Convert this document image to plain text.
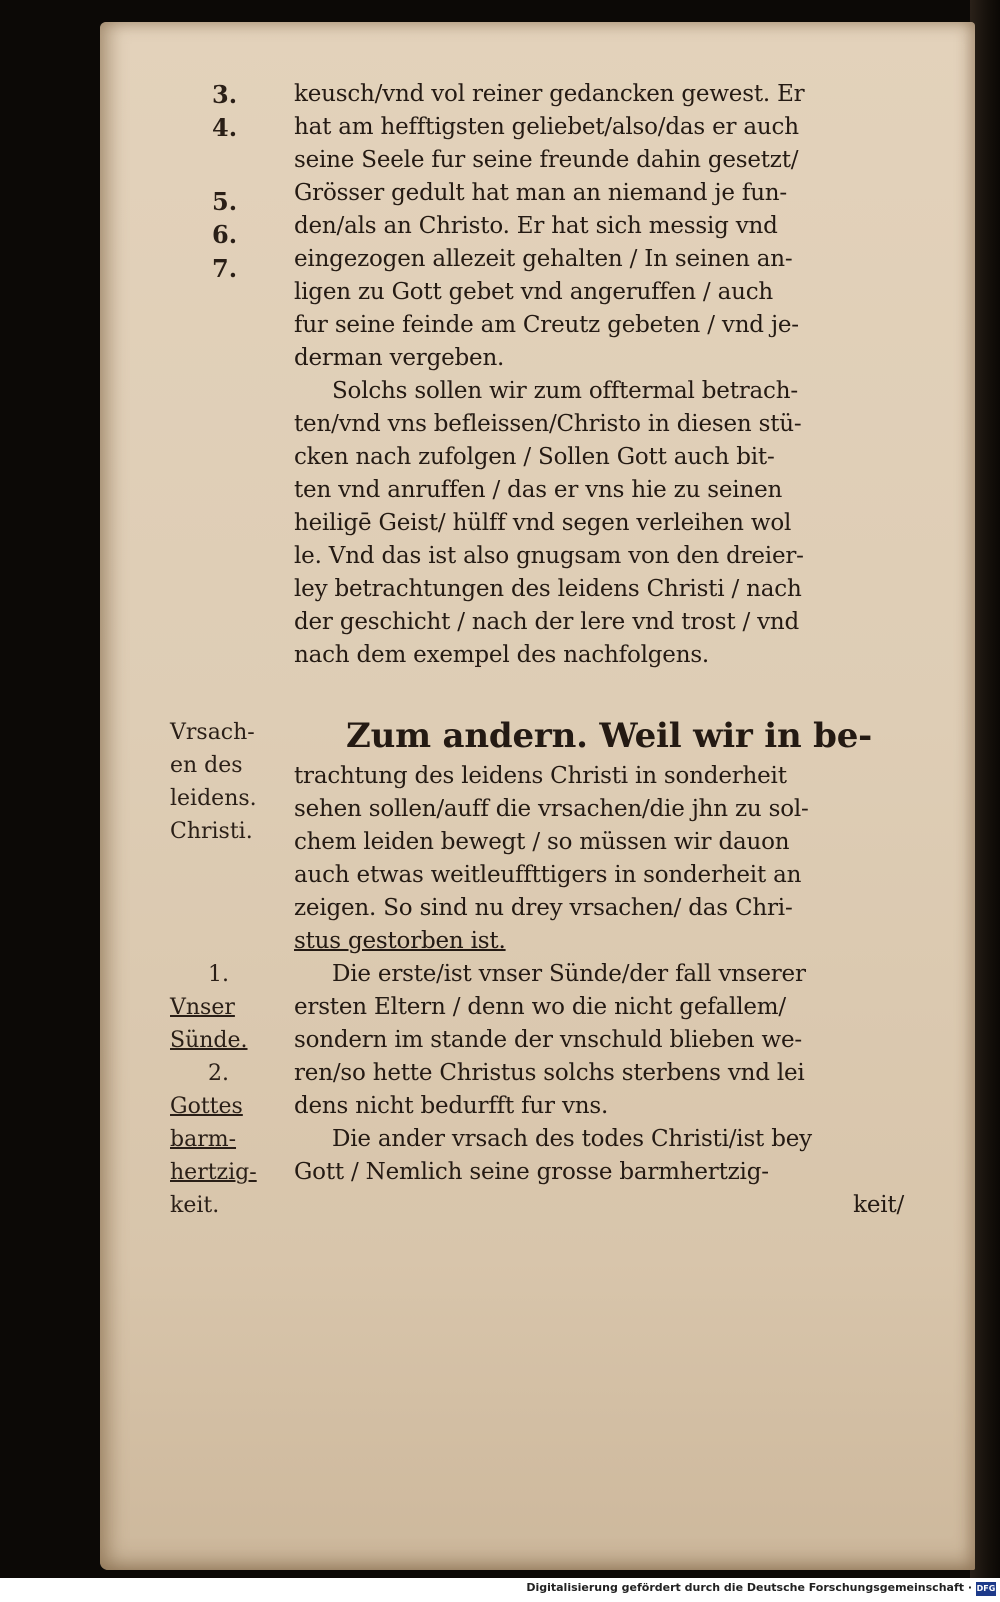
3.
4.
5.
6.
7.
keusch/vnd vol reiner gedancken gewest. Er
hat am hefftigsten geliebet/also/das er auch
seine Seele fur seine freunde dahin gesetzt/
Grösser gedult hat man an niemand je fun-
den/als an Christo. Er hat sich messig vnd
eingezogen allezeit gehalten / In seinen an-
ligen zu Gott gebet vnd angeruffen / auch
fur seine feinde am Creutz gebeten / vnd je-
derman vergeben.
Solchs sollen wir zum offtermal betrach-
ten/vnd vns befleissen/Christo in diesen stü-
cken nach zufolgen / Sollen Gott auch bit-
ten vnd anruffen / das er vns hie zu seinen
heiligē Geist/ hülff vnd segen verleihen wol
le. Vnd das ist also gnugsam von den dreier-
ley betrachtungen des leidens Christi / nach
der geschicht / nach der lere vnd trost / vnd
nach dem exempel des nachfolgens.
Zum andern. Weil wir in be-
Vrsach-
en des
leidens.
Christi.
trachtung des leidens Christi in sonderheit
sehen sollen/auff die vrsachen/die jhn zu sol-
chem leiden bewegt / so müssen wir dauon
auch etwas weitleuffttigers in sonderheit an
zeigen. So sind nu drey vrsachen/ das Chri-
stus gestorben ist.
Die erste/ist vnser Sünde/der fall vnserer
ersten Eltern / denn wo die nicht gefallem/
sondern im stande der vnschuld blieben we-
ren/so hette Christus solchs sterbens vnd lei
dens nicht bedurfft fur vns.
Die ander vrsach des todes Christi/ist bey
Gott / Nemlich seine grosse barmhertzig-
keit/
1.
Vnser
Sünde.
2.
Gottes
barm-
hertzig-
keit.
Digitalisierung gefördert durch die Deutsche Forschungsgemeinschaft · DFG
